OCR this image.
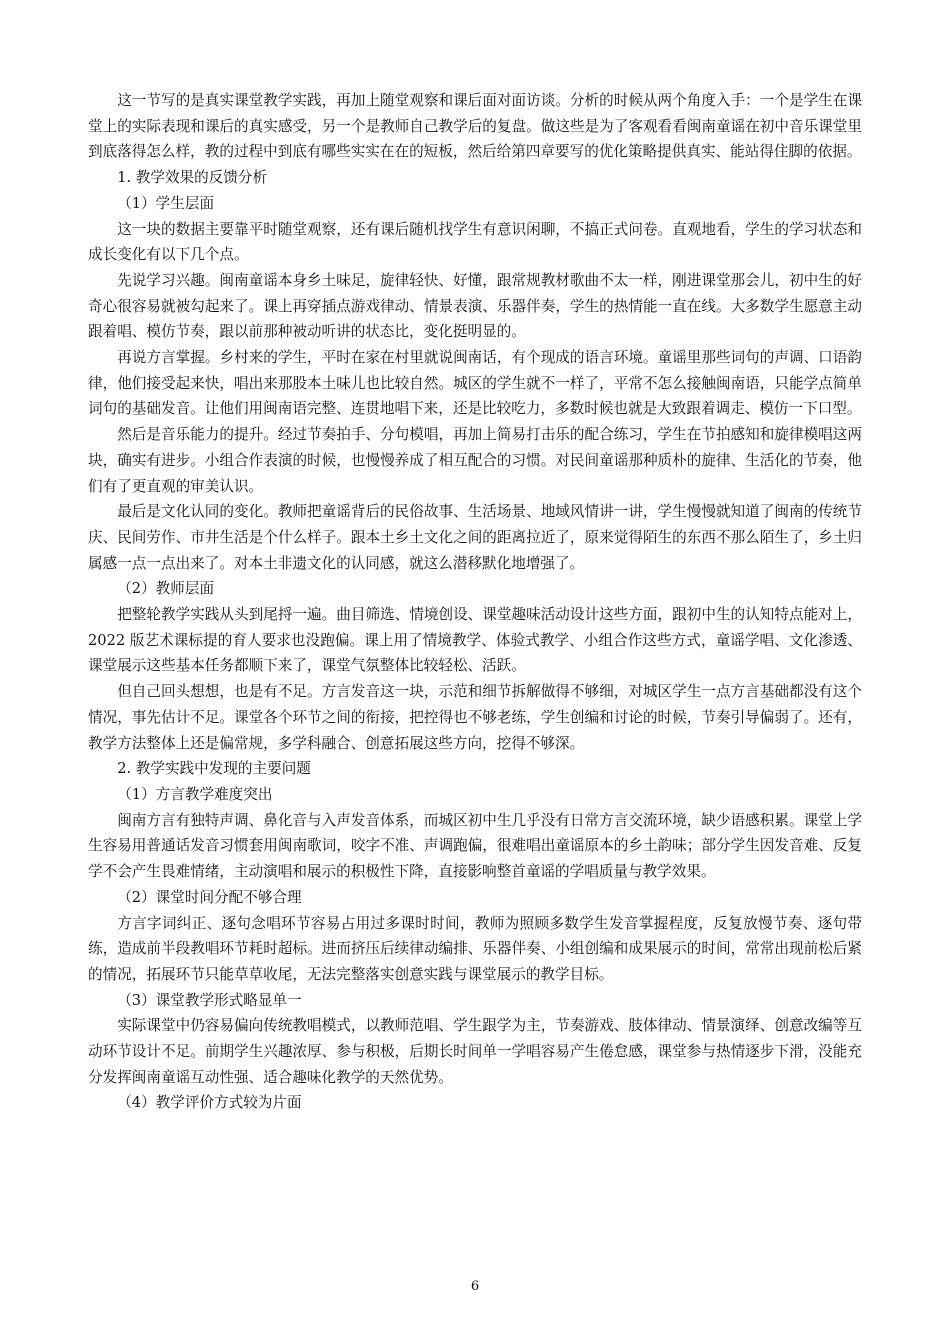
这一节写的是真实课堂教学实践，再加上随堂观察和课后面对面访谈。分析的时候从两个角度入手：一个是学生在课堂上的实际表现和课后的真实感受，另一个是教师自己教学后的复盘。做这些是为了客观看看闽南童谣在初中音乐课堂里到底落得怎么样，教的过程中到底有哪些实实在在的短板，然后给第四章要写的优化策略提供真实、能站得住脚的依据。

1. 教学效果的反馈分析

（1）学生层面

这一块的数据主要靠平时随堂观察，还有课后随机找学生有意识闲聊，不搞正式问卷。直观地看，学生的学习状态和成长变化有以下几个点。

先说学习兴趣。闽南童谣本身乡土味足，旋律轻快、好懂，跟常规教材歌曲不太一样，刚进课堂那会儿，初中生的好奇心很容易就被勾起来了。课上再穿插点游戏律动、情景表演、乐器伴奏，学生的热情能一直在线。大多数学生愿意主动跟着唱、模仿节奏，跟以前那种被动听讲的状态比，变化挺明显的。

再说方言掌握。乡村来的学生，平时在家在村里就说闽南话，有个现成的语言环境。童谣里那些词句的声调、口语韵律，他们接受起来快，唱出来那股本土味儿也比较自然。城区的学生就不一样了，平常不怎么接触闽南语，只能学点简单词句的基础发音。让他们用闽南语完整、连贯地唱下来，还是比较吃力，多数时候也就是大致跟着调走、模仿一下口型。

然后是音乐能力的提升。经过节奏拍手、分句模唱，再加上简易打击乐的配合练习，学生在节拍感知和旋律模唱这两块，确实有进步。小组合作表演的时候，也慢慢养成了相互配合的习惯。对民间童谣那种质朴的旋律、生活化的节奏，他们有了更直观的审美认识。

最后是文化认同的变化。教师把童谣背后的民俗故事、生活场景、地域风情讲一讲，学生慢慢就知道了闽南的传统节庆、民间劳作、市井生活是个什么样子。跟本土乡土文化之间的距离拉近了，原来觉得陌生的东西不那么陌生了，乡土归属感一点一点出来了。对本土非遗文化的认同感，就这么潜移默化地增强了。

（2）教师层面

把整轮教学实践从头到尾捋一遍。曲目筛选、情境创设、课堂趣味活动设计这些方面，跟初中生的认知特点能对上，2022 版艺术课标提的育人要求也没跑偏。课上用了情境教学、体验式教学、小组合作这些方式，童谣学唱、文化渗透、课堂展示这些基本任务都顺下来了，课堂气氛整体比较轻松、活跃。

但自己回头想想，也是有不足。方言发音这一块，示范和细节拆解做得不够细，对城区学生一点方言基础都没有这个情况，事先估计不足。课堂各个环节之间的衔接，把控得也不够老练，学生创编和讨论的时候，节奏引导偏弱了。还有，教学方法整体上还是偏常规，多学科融合、创意拓展这些方向，挖得不够深。

2. 教学实践中发现的主要问题

（1）方言教学难度突出

闽南方言有独特声调、鼻化音与入声发音体系，而城区初中生几乎没有日常方言交流环境，缺少语感积累。课堂上学生容易用普通话发音习惯套用闽南歌词，咬字不准、声调跑偏，很难唱出童谣原本的乡土韵味；部分学生因发音难、反复学不会产生畏难情绪，主动演唱和展示的积极性下降，直接影响整首童谣的学唱质量与教学效果。

（2）课堂时间分配不够合理

方言字词纠正、逐句念唱环节容易占用过多课时时间，教师为照顾多数学生发音掌握程度，反复放慢节奏、逐句带练，造成前半段教唱环节耗时超标。进而挤压后续律动编排、乐器伴奏、小组创编和成果展示的时间，常常出现前松后紧的情况，拓展环节只能草草收尾，无法完整落实创意实践与课堂展示的教学目标。

（3）课堂教学形式略显单一

实际课堂中仍容易偏向传统教唱模式，以教师范唱、学生跟学为主，节奏游戏、肢体律动、情景演绎、创意改编等互动环节设计不足。前期学生兴趣浓厚、参与积极，后期长时间单一学唱容易产生倦怠感，课堂参与热情逐步下滑，没能充分发挥闽南童谣互动性强、适合趣味化教学的天然优势。

（4）教学评价方式较为片面

6
